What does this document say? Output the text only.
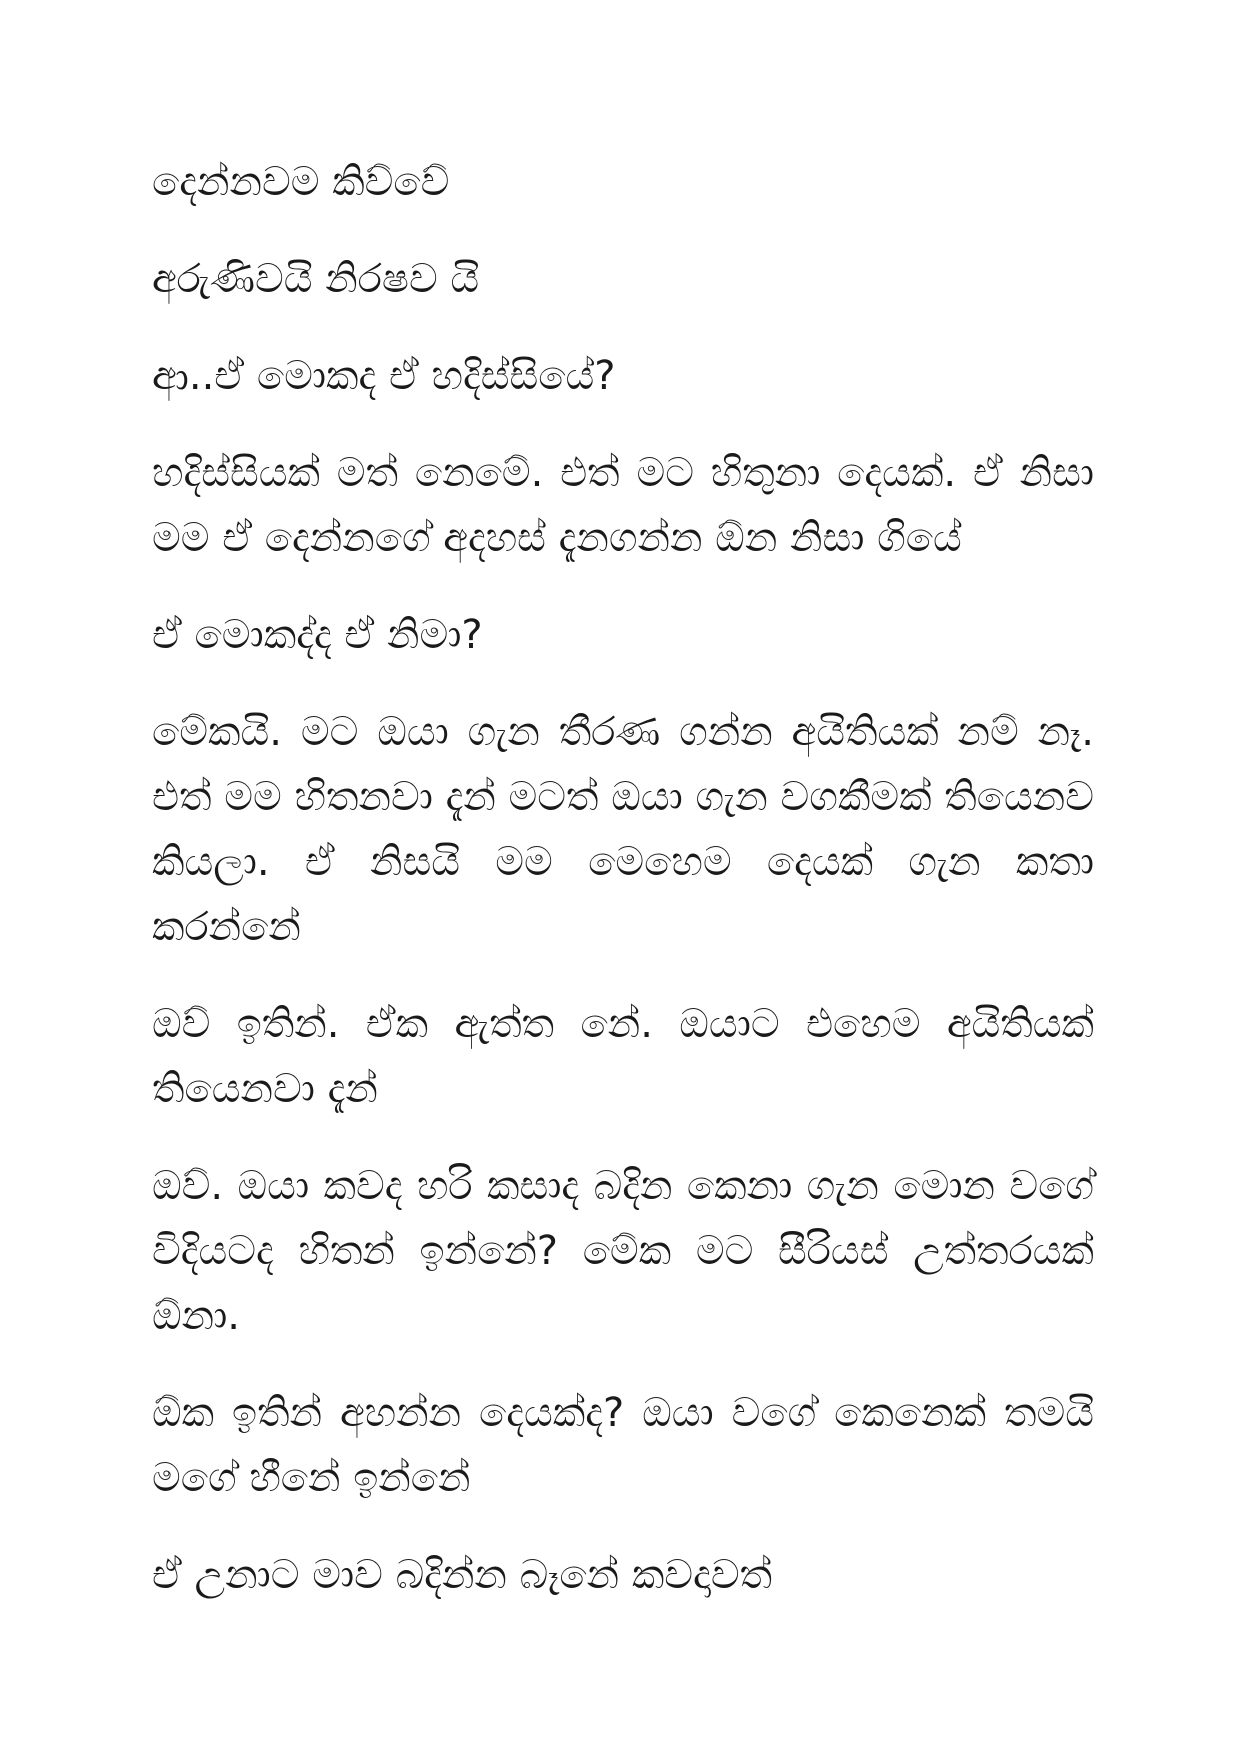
දෙන්නවම කිව්වේ

අරුණිවයි නිරෂව යි

ආ..ඒ මොකද ඒ හදිස්සියේ?

හදිස්සියක් මත් නෙමේ. එත් මට හිතුනා දෙයක්. ඒ නිසා මම ඒ දෙන්නගේ අදහස් දැනගන්න ඕන නිසා ගියේ

ඒ මොකද්ද ඒ නිමා?

මේකයි. මට ඔයා ගැන තීරණ ගන්න අයිතියක් නම් නෑ. එත් මම හිතනවා දැන් මටත් ඔයා ගැන වගකීමක් තියෙනව කියලා. ඒ නිසයි මම මෙහෙම දෙයක් ගැන කතා කරන්නේ

ඔව් ඉතින්. ඒක ඇත්ත නේ. ඔයාට එහෙම අයිතියක් තියෙනවා දැන්

ඔව්. ඔයා කවද හරි කසාද බදින කෙනා ගැන මොන වගේ විදියටද හිතන් ඉන්නේ? මේක මට සීරියස් උත්තරයක් ඕනා.

ඕක ඉතින් අහන්න දෙයක්ද? ඔයා වගේ කෙනෙක් තමයි මගේ හීනේ ඉන්නේ

ඒ උනාට මාව බදින්න බෑනේ කවදාවත්
